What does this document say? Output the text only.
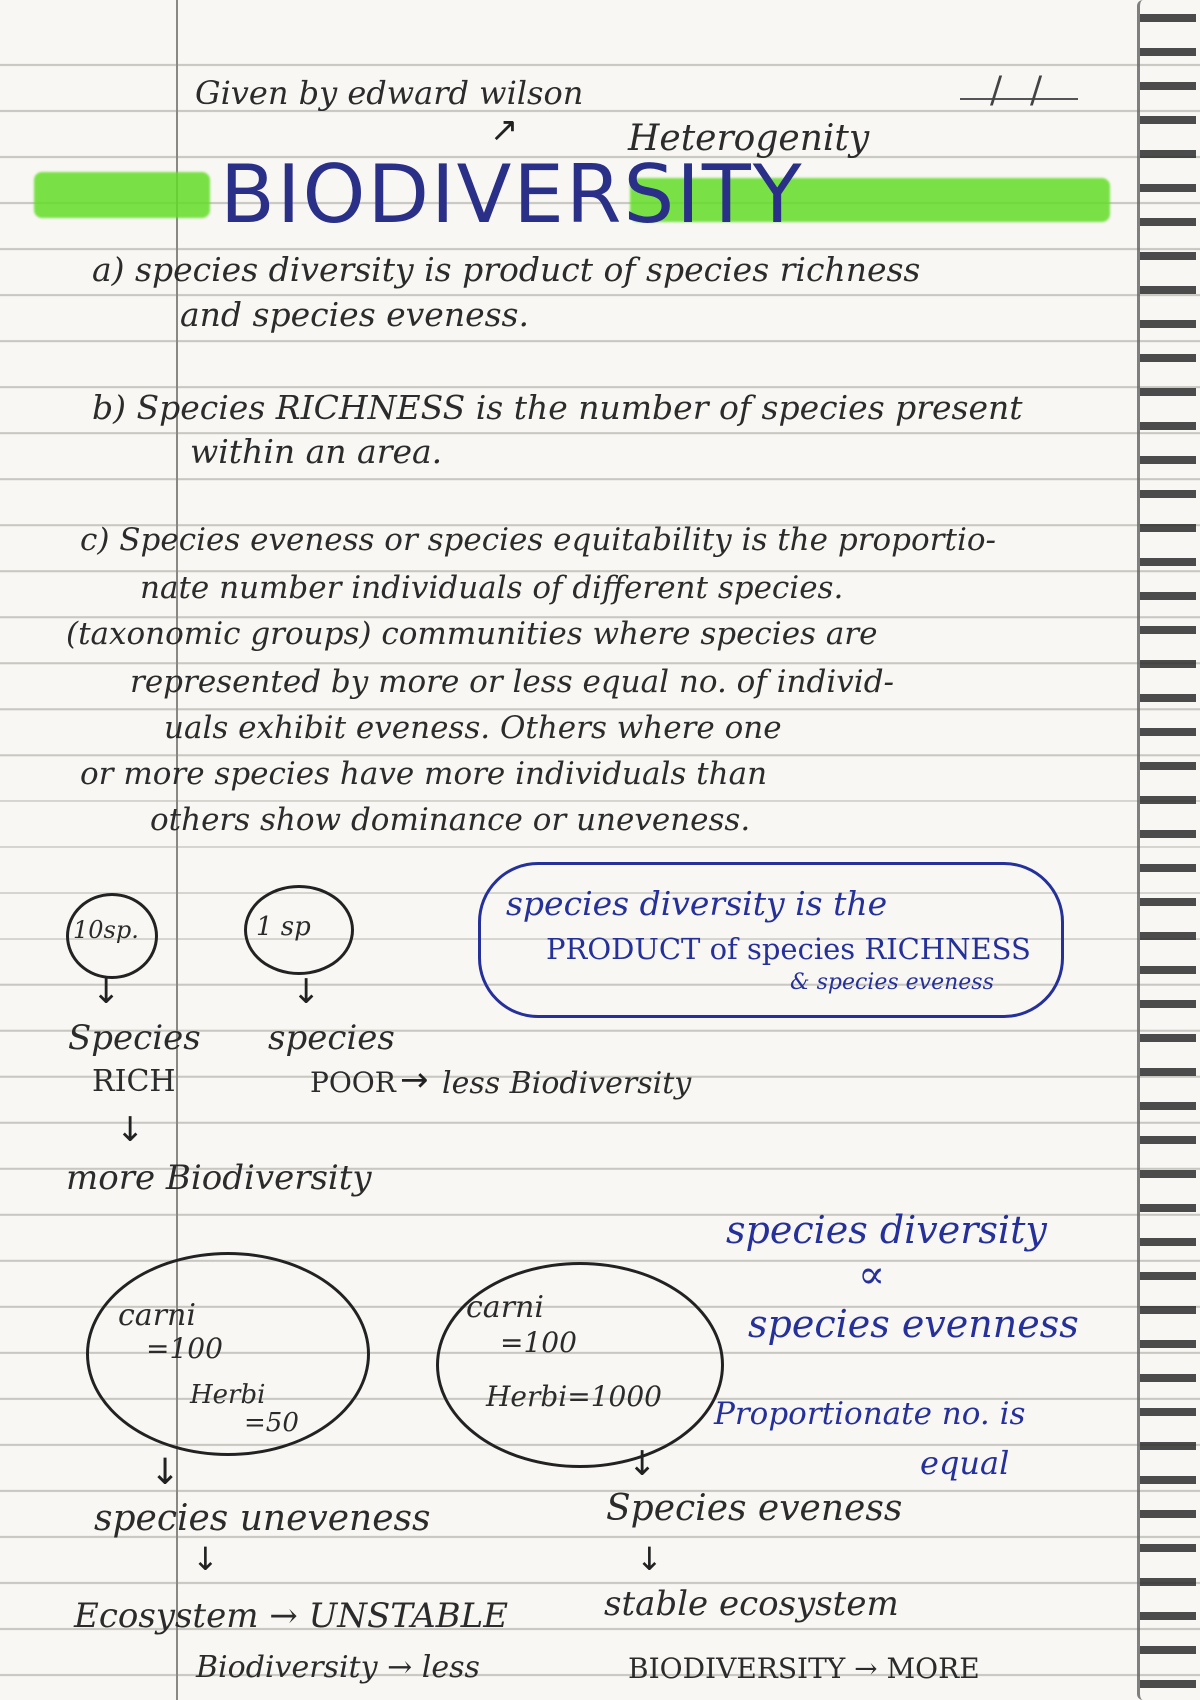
/ /
Given by edward wilson
↗	Heterogenity
BIODIVERSITY
a) species diversity is product of species richness
and species eveness.
b) Species RICHNESS is the number of species present
within an area.
c) Species eveness or species equitability is the proportio-
nate number individuals of different species.
(taxonomic groups) communities where species are
represented by more or less equal no. of individ-
uals exhibit eveness. Others where one
or more species have more individuals than
others show dominance or uneveness.
10sp.	1 sp
↓	↓
Species
RICH
↓
more Biodiversity
species
POOR → less Biodiversity
species diversity is the
PRODUCT of species RICHNESS
& species eveness
species diversity
∝
species evenness
carni
=100
Herbi
=50
carni
=100
Herbi=1000 Proportionate no. is
equal
↓	↓
species uneveness	Species eveness
↓	↓
Ecosystem → UNSTABLE
Biodiversity → less
stable ecosystem
BIODIVERSITY → MORE
